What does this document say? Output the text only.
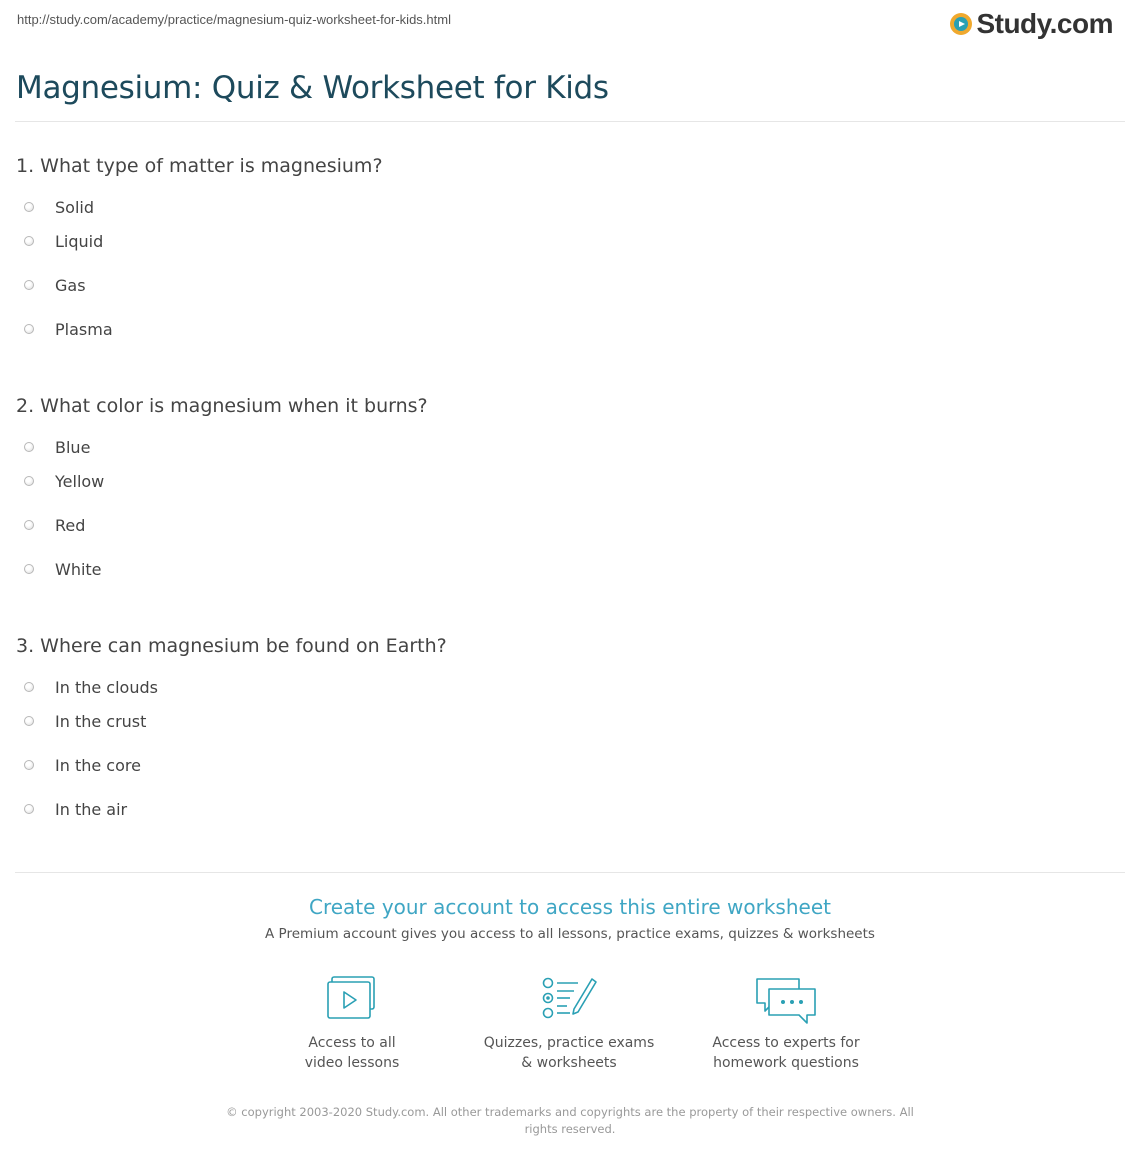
http://study.com/academy/practice/magnesium-quiz-worksheet-for-kids.html	Study.com
Magnesium: Quiz & Worksheet for Kids
1. What type of matter is magnesium?
Solid
Liquid
Gas
Plasma
2. What color is magnesium when it burns?
Blue
Yellow
Red
White
3. Where can magnesium be found on Earth?
In the clouds
In the crust
In the core
In the air
Create your account to access this entire worksheet
A Premium account gives you access to all lessons, practice exams, quizzes & worksheets
Access to all
video lessons
Quizzes, practice exams
& worksheets
Access to experts for
homework questions
© copyright 2003-2020 Study.com. All other trademarks and copyrights are the property of their respective owners. All rights reserved.
